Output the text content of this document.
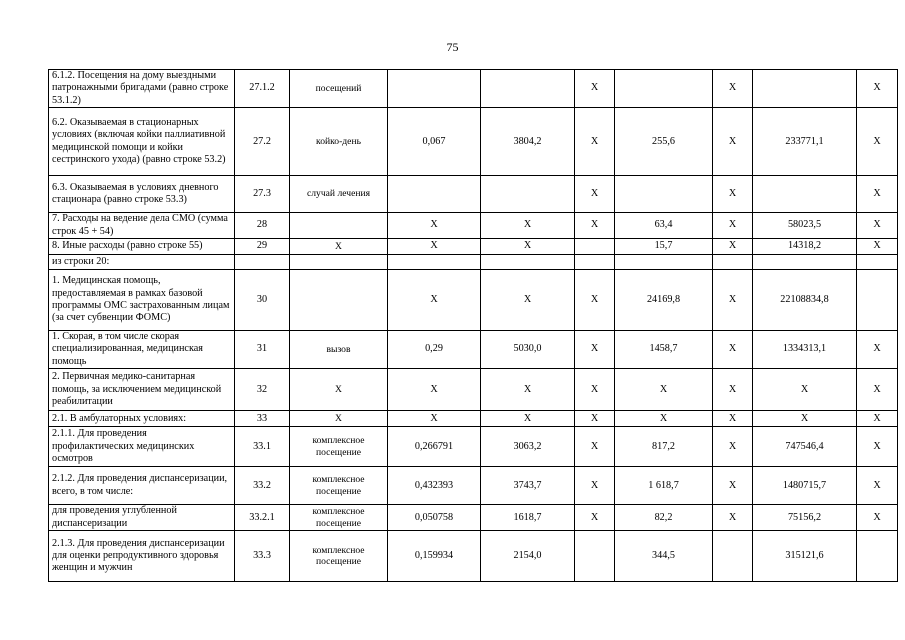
75
6.1.2. Посещения на дому выездными патронажными бригадами (равно строке 53.1.2)	27.1.2	посещений			X		X		X
6.2. Оказываемая в стационарных условиях (включая койки паллиативной медицинской помощи и койки сестринского ухода) (равно строке 53.2)	27.2	койко-день	0,067	3804,2	X	255,6	X	233771,1	X
6.3. Оказываемая в условиях дневного стационара (равно строке 53.3)	27.3	случай лечения			X		X		X
7. Расходы на ведение дела СМО (сумма строк 45 + 54)	28		X	X	X	63,4	X	58023,5	X
8. Иные расходы (равно строке 55)	29	X	X	X		15,7	X	14318,2	X
из строки 20:									
1. Медицинская помощь, предоставляемая в рамках базовой программы ОМС застрахованным лицам (за счет субвенции ФОМС)	30		X	X	X	24169,8	X	22108834,8	
1. Скорая, в том числе скорая специализированная, медицинская помощь	31	вызов	0,29	5030,0	X	1458,7	X	1334313,1	X
2. Первичная медико-санитарная помощь, за исключением медицинской реабилитации	32	X	X	X	X	X	X	X	X
2.1. В амбулаторных условиях:	33	X	X	X	X	X	X	X	X
2.1.1. Для проведения профилактических медицинских осмотров	33.1	комплексное посещение	0,266791	3063,2	X	817,2	X	747546,4	X
2.1.2. Для проведения диспансеризации, всего, в том числе:	33.2	комплексное посещение	0,432393	3743,7	X	1 618,7	X	1480715,7	X
для проведения углубленной диспансеризации	33.2.1	комплексное посещение	0,050758	1618,7	X	82,2	X	75156,2	X
2.1.3. Для проведения диспансеризации для оценки репродуктивного здоровья женщин и мужчин	33.3	комплексное посещение	0,159934	2154,0		344,5		315121,6	
